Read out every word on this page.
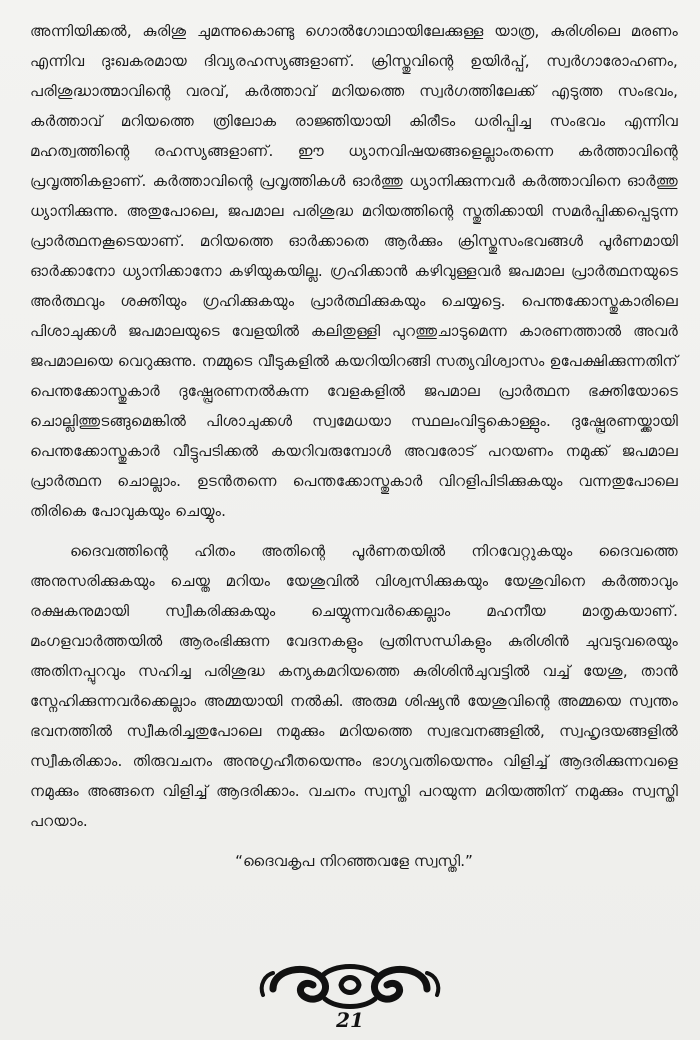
അന്നിയിക്കൽ, കുരിശു ചുമന്നുകൊണ്ടു ഗൊൽഗോഥായിലേക്കുള്ള യാത്ര, കുരിശിലെ മരണം എന്നിവ ദുഃഖകരമായ ദിവ്യരഹസ്യങ്ങളാണ്. ക്രിസ്തുവിന്റെ ഉയിർപ്പ്, സ്വർഗാരോഹണം, പരിശുദ്ധാത്മാവിന്റെ വരവ്, കർത്താവ് മറിയത്തെ സ്വർഗത്തിലേക്ക് എടുത്ത സംഭവം, കർത്താവ് മറിയത്തെ ത്രിലോക രാജ്ഞിയായി കിരീടം ധരിപ്പിച്ച സംഭവം എന്നിവ മഹത്വത്തിന്റെ രഹസ്യങ്ങളാണ്. ഈ ധ്യാനവിഷയങ്ങളെല്ലാംതന്നെ കർത്താവിന്റെ പ്രവൃത്തികളാണ്. കർത്താവിന്റെ പ്രവൃത്തികൾ ഓർത്തു ധ്യാനിക്കുന്നവർ കർത്താവിനെ ഓർത്തു ധ്യാനിക്കുന്നു. അതുപോലെ, ജപമാല പരിശുദ്ധ മറിയത്തിന്റെ സ്തുതിക്കായി സമർപ്പിക്കപ്പെടുന്ന പ്രാർത്ഥനകൂടെയാണ്. മറിയത്തെ ഓർക്കാതെ ആർക്കും ക്രിസ്തുസംഭവങ്ങൾ പൂർണമായി ഓർക്കാനോ ധ്യാനിക്കാനോ കഴിയുകയില്ല. ഗ്രഹിക്കാൻ കഴിവുള്ളവർ ജപമാല പ്രാർത്ഥനയുടെ അർത്ഥവും ശക്തിയും ഗ്രഹിക്കുകയും പ്രാർത്ഥിക്കുകയും ചെയ്യട്ടെ. പെന്തക്കോസ്തുകാരിലെ പിശാചുക്കൾ ജപമാലയുടെ വേളയിൽ കലിതുള്ളി പുറത്തുചാടുമെന്ന കാരണത്താൽ അവർ ജപമാലയെ വെറുക്കുന്നു. നമ്മുടെ വീടുകളിൽ കയറിയിറങ്ങി സത്യവിശ്വാസം ഉപേക്ഷിക്കുന്നതിന് പെന്തക്കോസ്തുകാർ ദുഷ്പ്രേരണനൽകുന്ന വേളകളിൽ ജപമാല പ്രാർത്ഥന ഭക്തിയോടെ ചൊല്ലിത്തുടങ്ങുമെങ്കിൽ പിശാചുക്കൾ സ്വമേധയാ സ്ഥലംവിട്ടുകൊള്ളും. ദുഷ്പ്രേരണയ്ക്കായി പെന്തക്കോസ്തുകാർ വീട്ടുപടിക്കൽ കയറിവരുമ്പോൾ അവരോട് പറയണം നമുക്ക് ജപമാല പ്രാർത്ഥന ചൊല്ലാം. ഉടൻതന്നെ പെന്തക്കോസ്തുകാർ വിറളിപിടിക്കുകയും വന്നതുപോലെ തിരികെ പോവുകയും ചെയ്യും.

ദൈവത്തിന്റെ ഹിതം അതിന്റെ പൂർണതയിൽ നിറവേറ്റുകയും ദൈവത്തെ അനുസരിക്കുകയും ചെയ്ത മറിയം യേശുവിൽ വിശ്വസിക്കുകയും യേശുവിനെ കർത്താവും രക്ഷകനുമായി സ്വീകരിക്കുകയും ചെയ്യുന്നവർക്കെല്ലാം മഹനീയ മാതൃകയാണ്. മംഗളവാർത്തയിൽ ആരംഭിക്കുന്ന വേദനകളും പ്രതിസന്ധികളും കുരിശിൻ ചുവടുവരെയും അതിനപ്പുറവും സഹിച്ച പരിശുദ്ധ കന്യകമറിയത്തെ കുരിശിൻചുവട്ടിൽ വച്ച് യേശു, താൻ സ്നേഹിക്കുന്നവർക്കെല്ലാം അമ്മയായി നൽകി. അരുമ ശിഷ്യൻ യേശുവിന്റെ അമ്മയെ സ്വന്തം ഭവനത്തിൽ സ്വീകരിച്ചതുപോലെ നമുക്കും മറിയത്തെ സ്വഭവനങ്ങളിൽ, സ്വഹൃദയങ്ങളിൽ സ്വീകരിക്കാം. തിരുവചനം അനുഗൃഹീതയെന്നും ഭാഗ്യവതിയെന്നും വിളിച്ച് ആദരിക്കുന്നവളെ നമുക്കും അങ്ങനെ വിളിച്ച് ആദരിക്കാം. വചനം സ്വസ്തി പറയുന്ന മറിയത്തിന് നമുക്കും സ്വസ്തി പറയാം.

“ദൈവകൃപ നിറഞ്ഞവളേ സ്വസ്തി.”

21
